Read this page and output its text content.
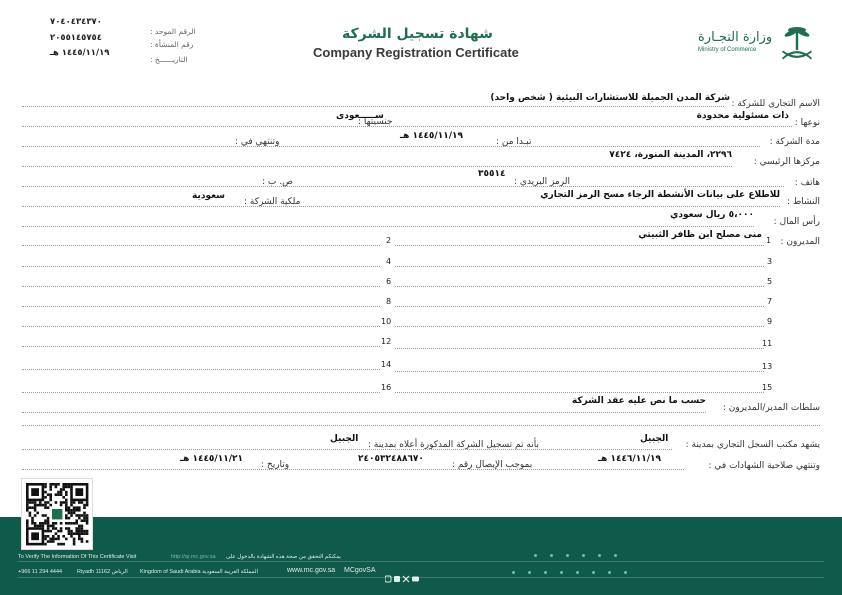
٧٠٤٠٤٣٤٣٧٠
الرقم الموحد :
٢٠٥٥١٤٥٧٥٤
رقم المنشأة :
١٤٤٥/١١/١٩ هـ
التاريــــــخ :
شهادة تسجيل الشركة
Company Registration Certificate
وزارة التجـارة
Ministry of Commerce
الاسم التجاري للشركة :
شركة المدن الجميلة للاستشارات البيئية ( شخص واحد)
نوعها :
ذات مسئولية محدودة
جنسيتها :
ســـــعودى
مدة الشركة :
تبـدا من :
١٤٤٥/١١/١٩ هـ
وتنتهي في :
مركزها الرئيسي :
٢٢٩٦، المدينة المنورة، ٧٤٢٤
هاتف :
الرمز البريدي :
٣٥٥١٤
ص. ب :
النشاط :
للاطلاع على بيانات الأنشطة الرجاء مسح الرمز التجاري
ملكية الشركة :
سعودية
رأس المال :
٥،٠٠٠ ريال سعودي
المديرون :
منى مصلح ابن ظافر الثبيتي
1
2
3
4
5
6
7
8
9
10
11
12
13
14
15
16
سلطات المدير/المديرون :
حسب ما نص عليه عقد الشركة
يشهد مكتب السجل التجاري بمدينة :
الجبيل
بأنه تم تسجيل الشركة المذكورة أعلاه بمدينة :
الجبيل
وتنتهي صلاحية الشهادات في :
١٤٤٦/١١/١٩ هـ
بموجب الإيصال رقم :
٢٤٠٥٣٢٤٨٨٦٧٠
وتاريخ :
١٤٤٥/١١/٢١ هـ
To Verify The Information Of This Certificate Visit	http://qr.mc.gov.sa يمكنكم التحقق من صحة هذه الشهادة بالدخول على
+966 11 294 4444	Riyadh 11162 الرياض Kingdom of Saudi Arabia المملكة العربية السعودية	www.mc.gov.sa MCgovSA
